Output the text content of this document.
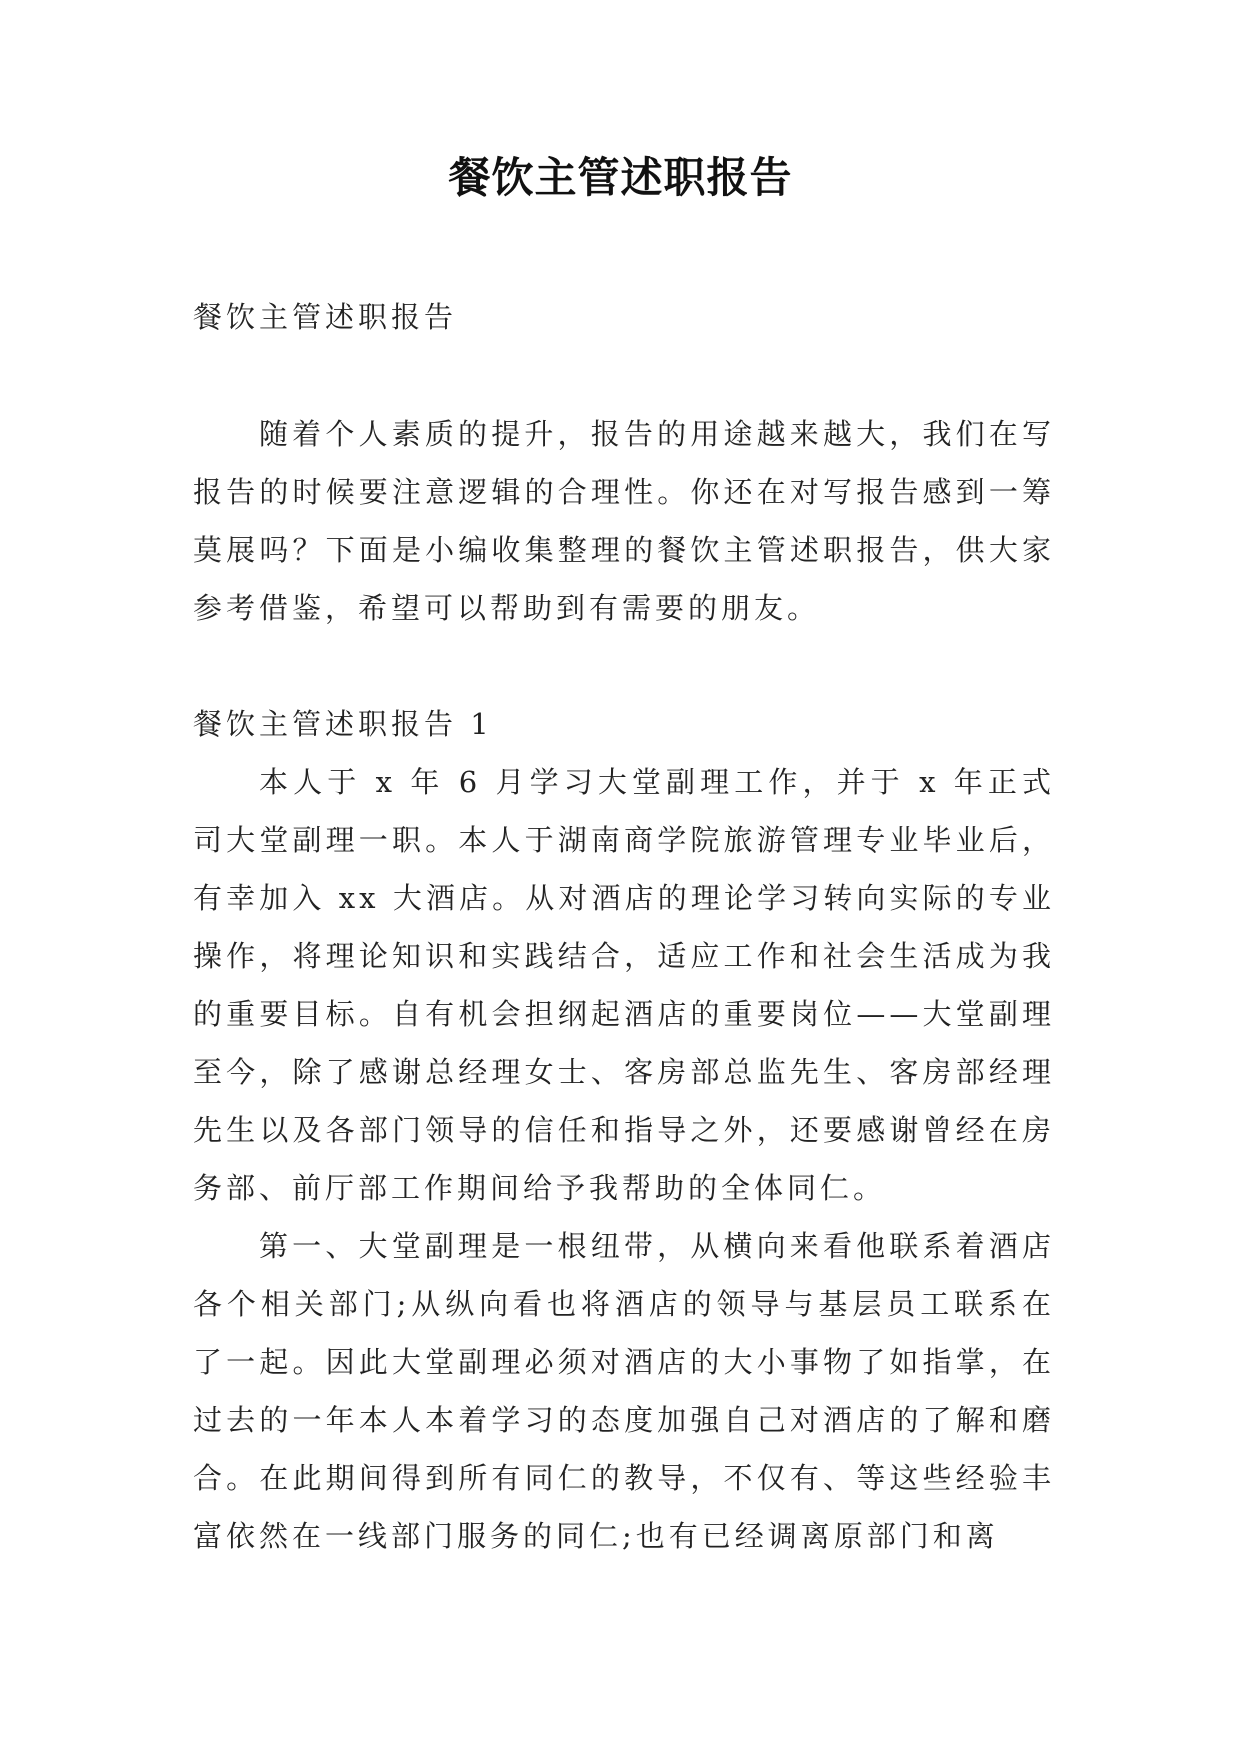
餐饮主管述职报告
餐饮主管述职报告

随着个人素质的提升，报告的用途越来越大，我们在写报告的时候要注意逻辑的合理性。你还在对写报告感到一筹莫展吗？下面是小编收集整理的餐饮主管述职报告，供大家参考借鉴，希望可以帮助到有需要的朋友。

餐饮主管述职报告 1

本人于 x 年 6 月学习大堂副理工作，并于 x 年正式司大堂副理一职。本人于湖南商学院旅游管理专业毕业后，有幸加入 xx 大酒店。从对酒店的理论学习转向实际的专业操作，将理论知识和实践结合，适应工作和社会生活成为我的重要目标。自有机会担纲起酒店的重要岗位——大堂副理至今，除了感谢总经理女士、客房部总监先生、客房部经理先生以及各部门领导的信任和指导之外，还要感谢曾经在房务部、前厅部工作期间给予我帮助的全体同仁。

第一、大堂副理是一根纽带，从横向来看他联系着酒店各个相关部门;从纵向看也将酒店的领导与基层员工联系在了一起。因此大堂副理必须对酒店的大小事物了如指掌，在过去的一年本人本着学习的态度加强自己对酒店的了解和磨合。在此期间得到所有同仁的教导，不仅有、等这些经验丰富依然在一线部门服务的同仁;也有已经调离原部门和离
